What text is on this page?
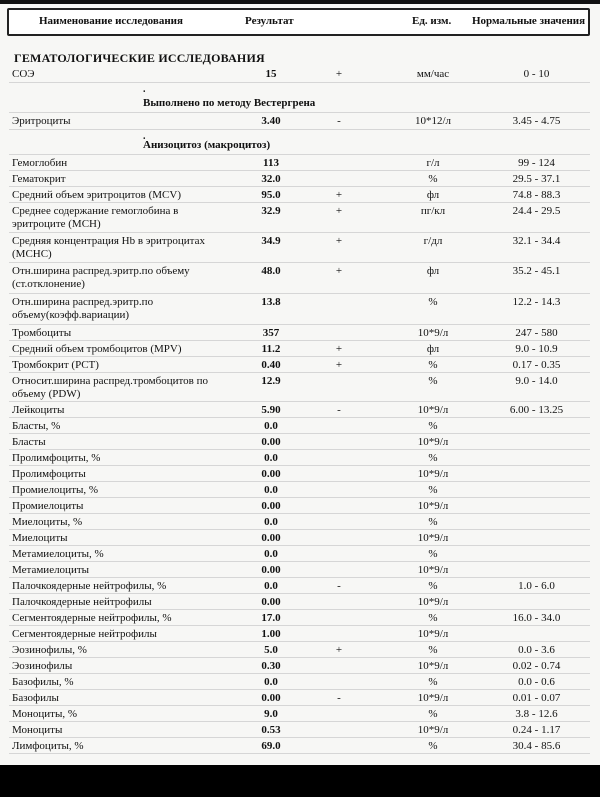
Наименование исследования	Результат	Ед. изм. Нормальные значения
ГЕМАТОЛОГИЧЕСКИЕ ИССЛЕДОВАНИЯ
СОЭ	15	+	мм/час	0 - 10
.
Выполнено по методу Вестергрена
Эритроциты	3.40	-	10*12/л	3.45 - 4.75
.
Анизоцитоз (макроцитоз)
Гемоглобин	113	г/л	99 - 124
Гематокрит	32.0	%	29.5 - 37.1
Средний объем эритроцитов (MCV)	95.0	+	фл	74.8 - 88.3
Среднее содержание гемоглобина в эритроците (МСН)
32.9	+	пг/кл	24.4 - 29.5
Средняя концентрация Hb в эритроцитах (МСНС)
34.9	+	г/дл	32.1 - 34.4
Отн.ширина распред.эритр.по объему (ст.отклонение)
48.0	+	фл	35.2 - 45.1
Отн.ширина распред.эритр.по объему(коэфф.вариации)
13.8	%	12.2 - 14.3
Тромбоциты	357	10*9/л	247 - 580
Средний объем тромбоцитов (MPV)	11.2	+	фл	9.0 - 10.9
Тромбокрит (PCT)	0.40	+	%	0.17 - 0.35
Относит.ширина распред.тромбоцитов по объему (PDW)
12.9	%	9.0 - 14.0
Лейкоциты	5.90	-	10*9/л	6.00 - 13.25
Бласты, %	0.0	%
Бласты	0.00	10*9/л
Пролимфоциты, %	0.0	%
Пролимфоциты	0.00	10*9/л
Промиелоциты, %	0.0	%
Промиелоциты	0.00	10*9/л
Миелоциты, %	0.0	%
Миелоциты	0.00	10*9/л
Метамиелоциты, %	0.0	%
Метамиелоциты	0.00	10*9/л
Палочкоядерные нейтрофилы, %	0.0	-	%	1.0 - 6.0
Палочкоядерные нейтрофилы	0.00	10*9/л
Сегментоядерные нейтрофилы, %	17.0	%	16.0 - 34.0
Сегментоядерные нейтрофилы	1.00	10*9/л
Эозинофилы, %	5.0	+	%	0.0 - 3.6
Эозинофилы	0.30	10*9/л	0.02 - 0.74
Базофилы, %	0.0	%	0.0 - 0.6
Базофилы	0.00	-	10*9/л	0.01 - 0.07
Моноциты, %	9.0	%	3.8 - 12.6
Моноциты	0.53	10*9/л	0.24 - 1.17
Лимфоциты, %	69.0	%	30.4 - 85.6
